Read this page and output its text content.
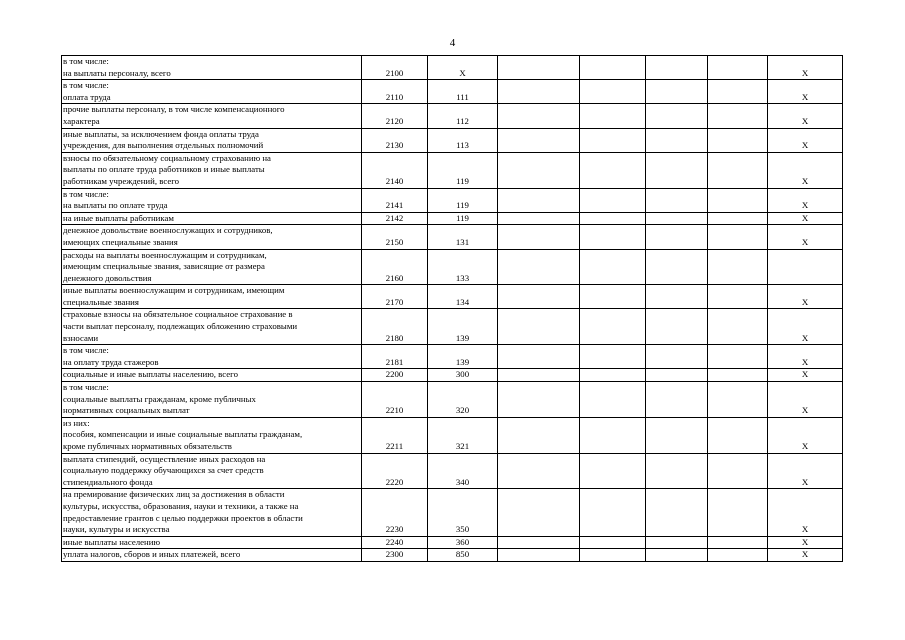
4
в том числе:
на выплаты персоналу, всего	2100	Х					Х

в том числе:
оплата труда	2110	111					Х

прочие выплаты персоналу, в том числе компенсационного
характера	2120	112					Х

иные выплаты, за исключением фонда оплаты труда
учреждения, для выполнения отдельных полномочий	2130	113					Х

взносы по обязательному социальному страхованию на
выплаты по оплате труда работников и иные выплаты
работникам учреждений, всего	2140	119					Х

в том числе:
на выплаты по оплате труда	2141	119					Х

на иные выплаты работникам	2142	119					Х

денежное довольствие военнослужащих и сотрудников,
имеющих специальные звания	2150	131					Х

расходы на выплаты военнослужащим и сотрудникам,
имеющим специальные звания, зависящие от размера
денежного довольствия	2160	133					

иные выплаты военнослужащим и сотрудникам, имеющим
специальные звания	2170	134					Х

страховые взносы на обязательное социальное страхование в
части выплат персоналу, подлежащих обложению страховыми
взносами	2180	139					Х

в том числе:
на оплату труда стажеров	2181	139					Х

социальные и иные выплаты населению, всего	2200	300					Х

в том числе:
социальные выплаты гражданам, кроме публичных
нормативных социальных выплат	2210	320					Х

из них:
пособия, компенсации и иные социальные выплаты гражданам,
кроме публичных нормативных обязательств	2211	321					Х

выплата стипендий, осуществление иных расходов на
социальную поддержку обучающихся за счет средств
стипендиального фонда	2220	340					Х

на премирование физических лиц за достижения в области
культуры, искусства, образования, науки и техники, а также на
предоставление грантов с целью поддержки проектов в области
науки, культуры и искусства	2230	350					Х

иные выплаты населению	2240	360					Х

уплата налогов, сборов и иных платежей, всего	2300	850					Х
